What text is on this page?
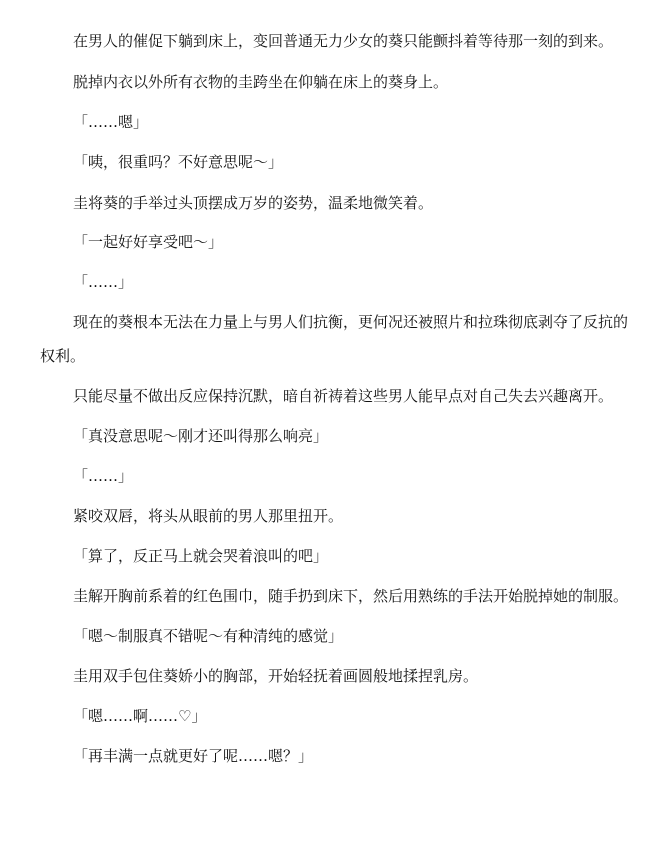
在男人的催促下躺到床上，变回普通无力少女的葵只能颤抖着等待那一刻的到来。

脱掉内衣以外所有衣物的圭跨坐在仰躺在床上的葵身上。

「……嗯」

「咦，很重吗？不好意思呢～」

圭将葵的手举过头顶摆成万岁的姿势，温柔地微笑着。

「一起好好享受吧～」

「……」

现在的葵根本无法在力量上与男人们抗衡，更何况还被照片和拉珠彻底剥夺了反抗的

权利。

只能尽量不做出反应保持沉默，暗自祈祷着这些男人能早点对自己失去兴趣离开。

「真没意思呢～刚才还叫得那么响亮」

「……」

紧咬双唇，将头从眼前的男人那里扭开。

「算了，反正马上就会哭着浪叫的吧」

圭解开胸前系着的红色围巾，随手扔到床下，然后用熟练的手法开始脱掉她的制服。

「嗯～制服真不错呢～有种清纯的感觉」

圭用双手包住葵娇小的胸部，开始轻抚着画圆般地揉捏乳房。

「嗯……啊……♡」

「再丰满一点就更好了呢……嗯？」
